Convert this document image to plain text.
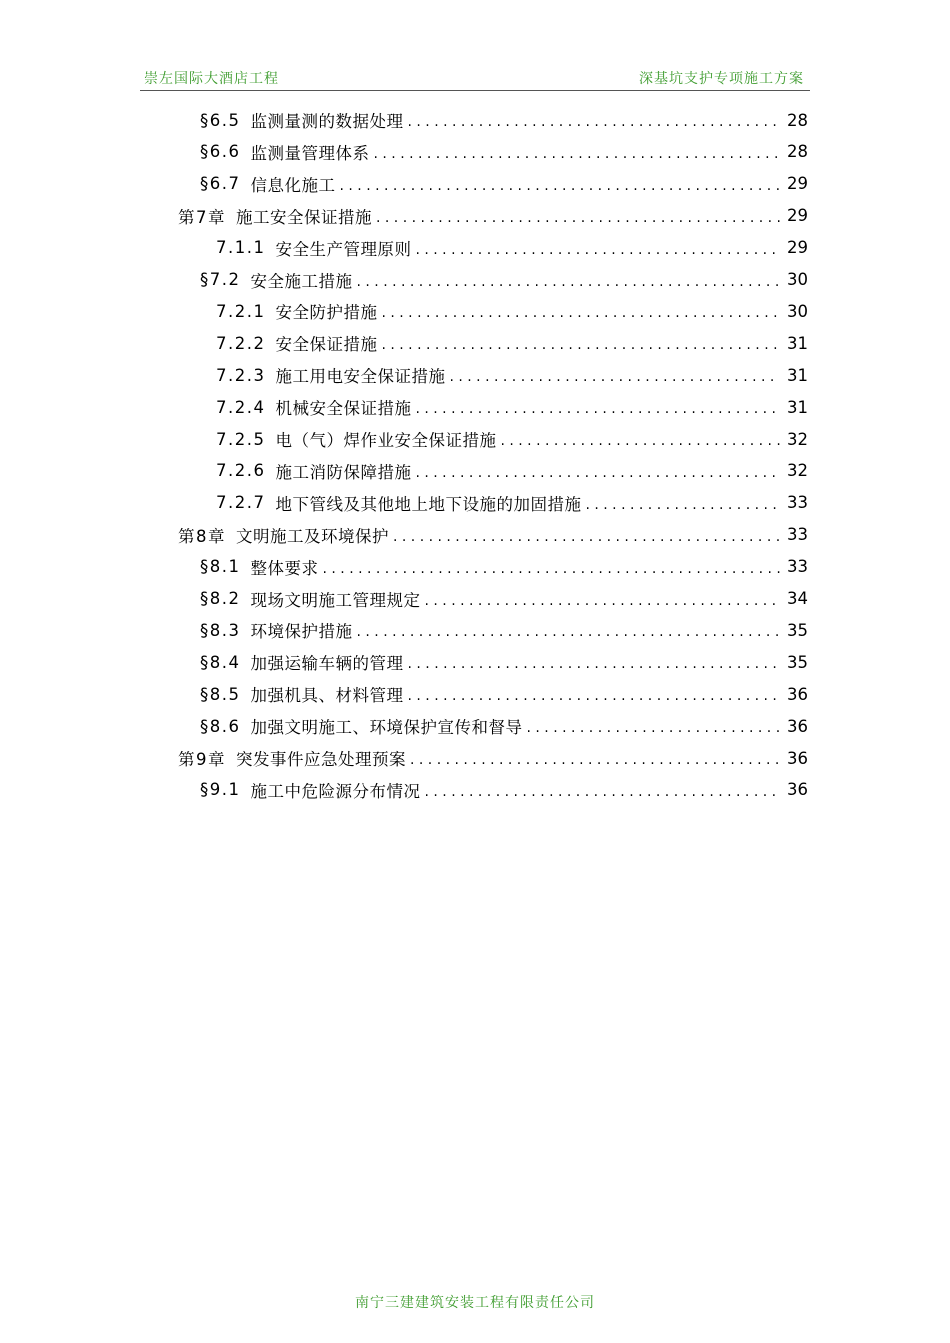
崇左国际大酒店工程	深基坑支护专项施工方案
§6.5 监测量测的数据处理 . . .	28
§6.6 监测量管理体系 . . .	28
§6.7 信息化施工 . . .	29
第7章 施工安全保证措施 . . .	29
7.1.1 安全生产管理原则 . . .	29
§7.2 安全施工措施 . . .	30
7.2.1 安全防护措施 . . .	30
7.2.2 安全保证措施 . . .	31
7.2.3 施工用电安全保证措施 . . .	31
7.2.4 机械安全保证措施 . . .	31
7.2.5 电（气）焊作业安全保证措施 . . .	32
7.2.6 施工消防保障措施 . . .	32
7.2.7 地下管线及其他地上地下设施的加固措施 . . .	33
第8章 文明施工及环境保护 . . .	33
§8.1 整体要求 . . .	33
§8.2 现场文明施工管理规定 . . .	34
§8.3 环境保护措施 . . .	35
§8.4 加强运输车辆的管理 . . .	35
§8.5 加强机具、材料管理 . . .	36
§8.6 加强文明施工、环境保护宣传和督导 . . .	36
第9章 突发事件应急处理预案 . . .	36
§9.1 施工中危险源分布情况 . . .	36
南宁三建建筑安装工程有限责任公司
